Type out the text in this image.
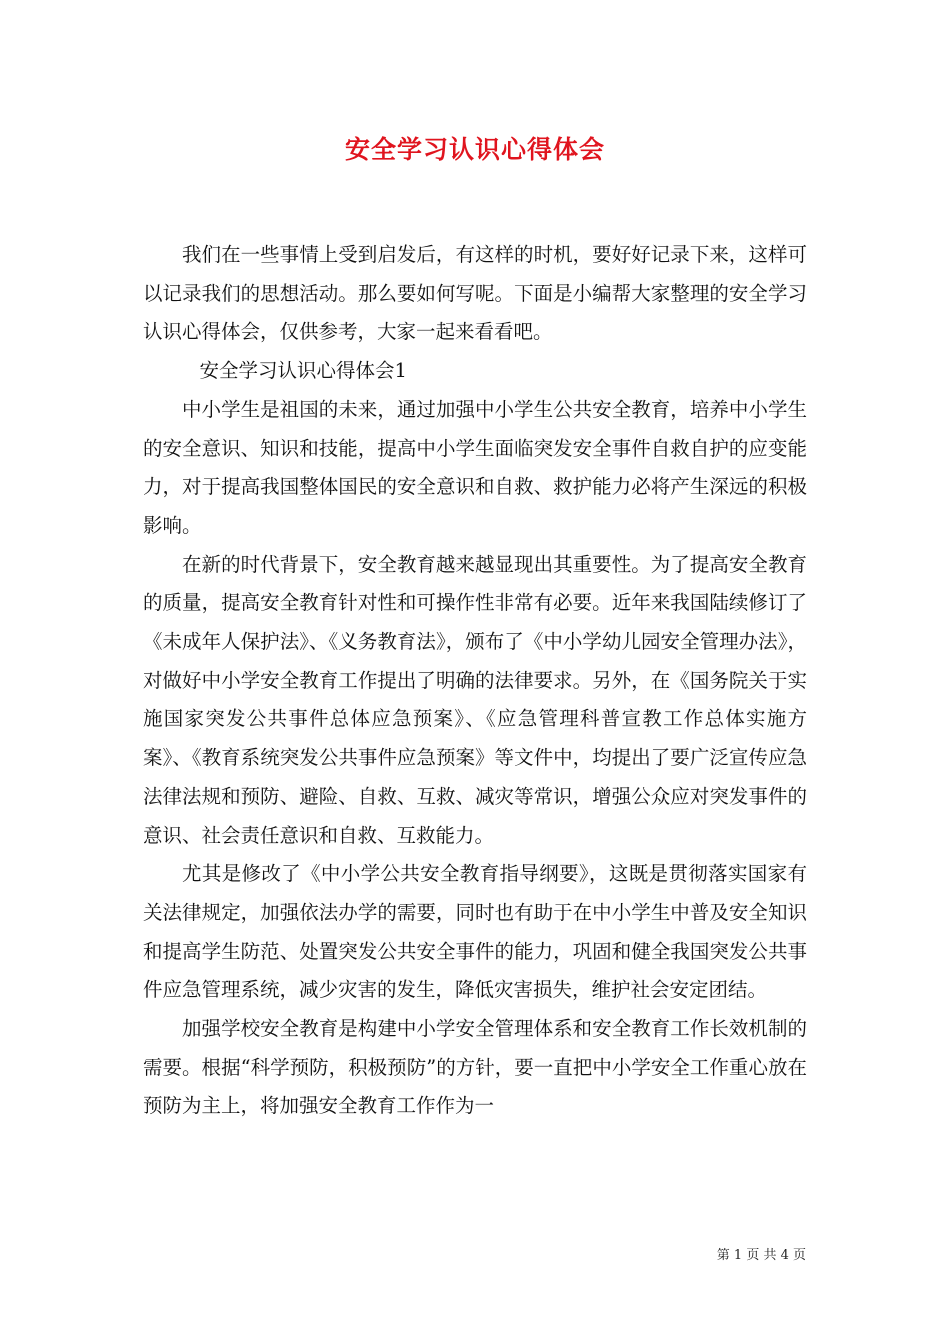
安全学习认识心得体会

我们在一些事情上受到启发后，有这样的时机，要好好记录下来，这样可以记录我们的思想活动。那么要如何写呢。下面是小编帮大家整理的安全学习认识心得体会，仅供参考，大家一起来看看吧。

安全学习认识心得体会1

中小学生是祖国的未来，通过加强中小学生公共安全教育，培养中小学生的安全意识、知识和技能，提高中小学生面临突发安全事件自救自护的应变能力，对于提高我国整体国民的安全意识和自救、救护能力必将产生深远的积极影响。

在新的时代背景下，安全教育越来越显现出其重要性。为了提高安全教育的质量，提高安全教育针对性和可操作性非常有必要。近年来我国陆续修订了《未成年人保护法》、《义务教育法》，颁布了《中小学幼儿园安全管理办法》，对做好中小学安全教育工作提出了明确的法律要求。另外，在《国务院关于实施国家突发公共事件总体应急预案》、《应急管理科普宣教工作总体实施方案》、《教育系统突发公共事件应急预案》等文件中，均提出了要广泛宣传应急法律法规和预防、避险、自救、互救、减灾等常识，增强公众应对突发事件的意识、社会责任意识和自救、互救能力。

尤其是修改了《中小学公共安全教育指导纲要》，这既是贯彻落实国家有关法律规定，加强依法办学的需要，同时也有助于在中小学生中普及安全知识和提高学生防范、处置突发公共安全事件的能力，巩固和健全我国突发公共事件应急管理系统，减少灾害的发生，降低灾害损失，维护社会安定团结。

加强学校安全教育是构建中小学安全管理体系和安全教育工作长效机制的需要。根据“科学预防，积极预防”的方针，要一直把中小学安全工作重心放在预防为主上，将加强安全教育工作作为一

第 1 页 共 4 页
